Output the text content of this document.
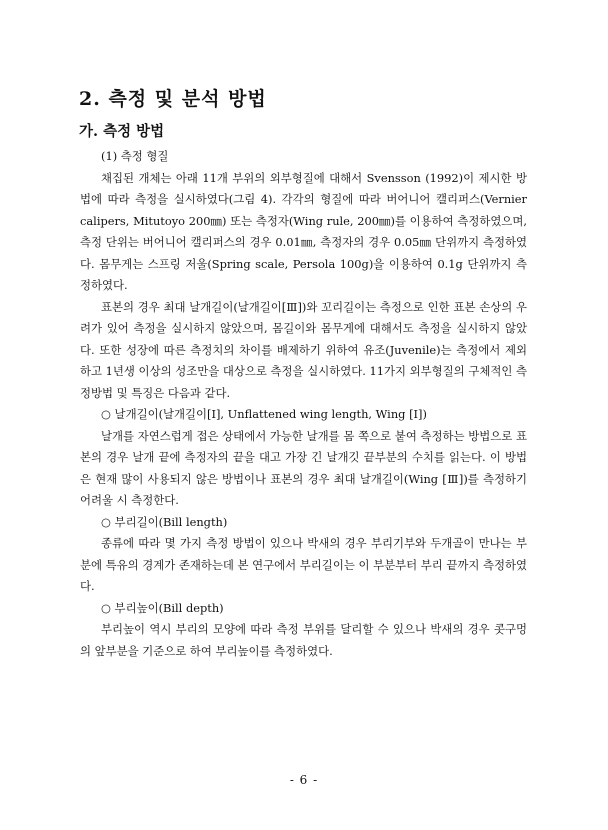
2. 측정 및 분석 방법
가. 측정 방법

(1) 측정 형질

채집된 개체는 아래 11개 부위의 외부형질에 대해서 Svensson (1992)이 제시한 방법에 따라 측정을 실시하였다(그림 4). 각각의 형질에 따라 버어니어 캘리퍼스(Vernier calipers, Mitutoyo 200㎜) 또는 측정자(Wing rule, 200㎜)를 이용하여 측정하였으며, 측정 단위는 버어니어 캘리퍼스의 경우 0.01㎜, 측정자의 경우 0.05㎜ 단위까지 측정하였다. 몸무게는 스프링 저울(Spring scale, Persola 100g)을 이용하여 0.1g 단위까지 측정하였다.

표본의 경우 최대 날개길이(날개길이[Ⅲ])와 꼬리길이는 측정으로 인한 표본 손상의 우려가 있어 측정을 실시하지 않았으며, 몸길이와 몸무게에 대해서도 측정을 실시하지 않았다. 또한 성장에 따른 측정치의 차이를 배제하기 위하여 유조(Juvenile)는 측정에서 제외하고 1년생 이상의 성조만을 대상으로 측정을 실시하였다. 11가지 외부형질의 구체적인 측정방법 및 특징은 다음과 같다.

○ 날개길이(날개길이[I], Unflattened wing length, Wing [I])

날개를 자연스럽게 접은 상태에서 가능한 날개를 몸 쪽으로 붙여 측정하는 방법으로 표본의 경우 날개 끝에 측정자의 끝을 대고 가장 긴 날개깃 끝부분의 수치를 읽는다. 이 방법은 현재 많이 사용되지 않은 방법이나 표본의 경우 최대 날개길이(Wing [Ⅲ])를 측정하기 어려울 시 측정한다.

○ 부리길이(Bill length)

종류에 따라 몇 가지 측정 방법이 있으나 박새의 경우 부리기부와 두개골이 만나는 부분에 특유의 경계가 존재하는데 본 연구에서 부리길이는 이 부분부터 부리 끝까지 측정하였다.

○ 부리높이(Bill depth)

부리높이 역시 부리의 모양에 따라 측정 부위를 달리할 수 있으나 박새의 경우 콧구멍의 앞부분을 기준으로 하여 부리높이를 측정하였다.

- 6 -
